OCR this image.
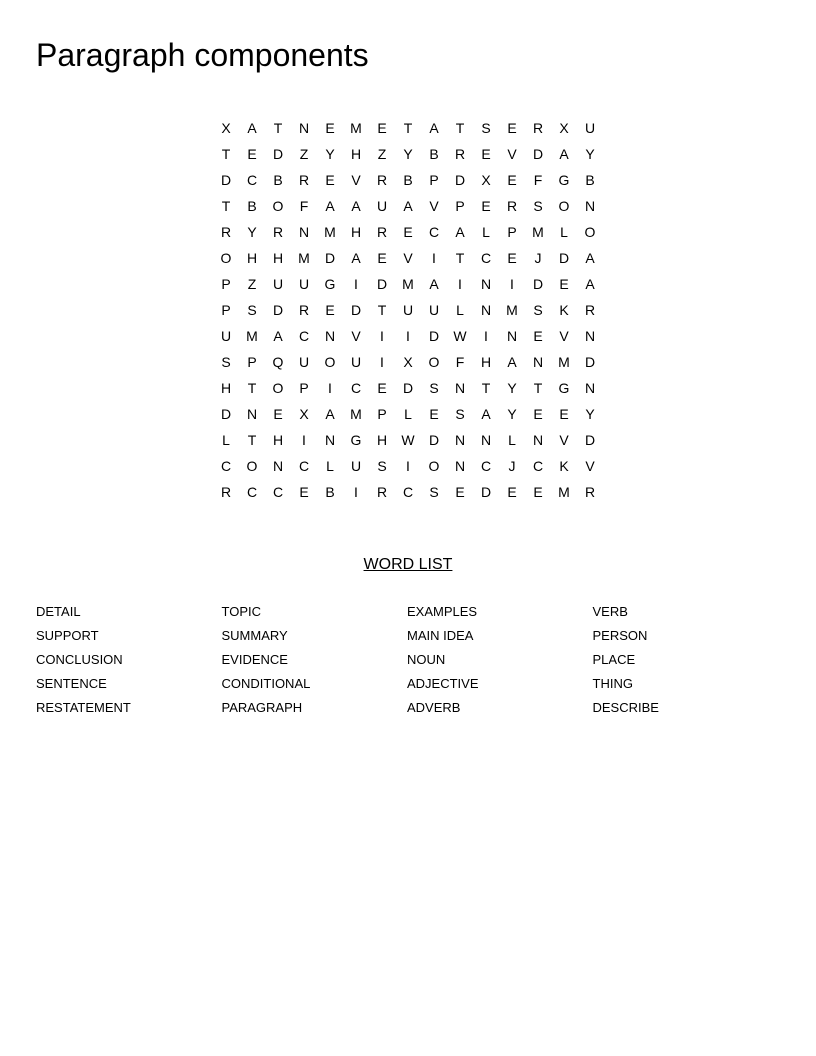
Paragraph components
X	A	T	N	E	M	E	T	A	T	S	E	R	X	U
T	E	D	Z	Y	H	Z	Y	B	R	E	V	D	A	Y
D	C	B	R	E	V	R	B	P	D	X	E	F	G	B
T	B	O	F	A	A	U	A	V	P	E	R	S	O	N
R	Y	R	N	M	H	R	E	C	A	L	P	M	L	O
O	H	H	M	D	A	E	V	I	T	C	E	J	D	A
P	Z	U	U	G	I	D	M	A	I	N	I	D	E	A
P	S	D	R	E	D	T	U	U	L	N	M	S	K	R
U	M	A	C	N	V	I	I	D	W	I	N	E	V	N
S	P	Q	U	O	U	I	X	O	F	H	A	N	M	D
H	T	O	P	I	C	E	D	S	N	T	Y	T	G	N
D	N	E	X	A	M	P	L	E	S	A	Y	E	E	Y
L	T	H	I	N	G	H	W	D	N	N	L	N	V	D
C	O	N	C	L	U	S	I	O	N	C	J	C	K	V
R	C	C	E	B	I	R	C	S	E	D	E	E	M	R
WORD LIST
DETAIL
SUPPORT
CONCLUSION
SENTENCE
RESTATEMENT
TOPIC
SUMMARY
EVIDENCE
CONDITIONAL
PARAGRAPH
EXAMPLES
MAIN IDEA
NOUN
ADJECTIVE
ADVERB
VERB
PERSON
PLACE
THING
DESCRIBE
